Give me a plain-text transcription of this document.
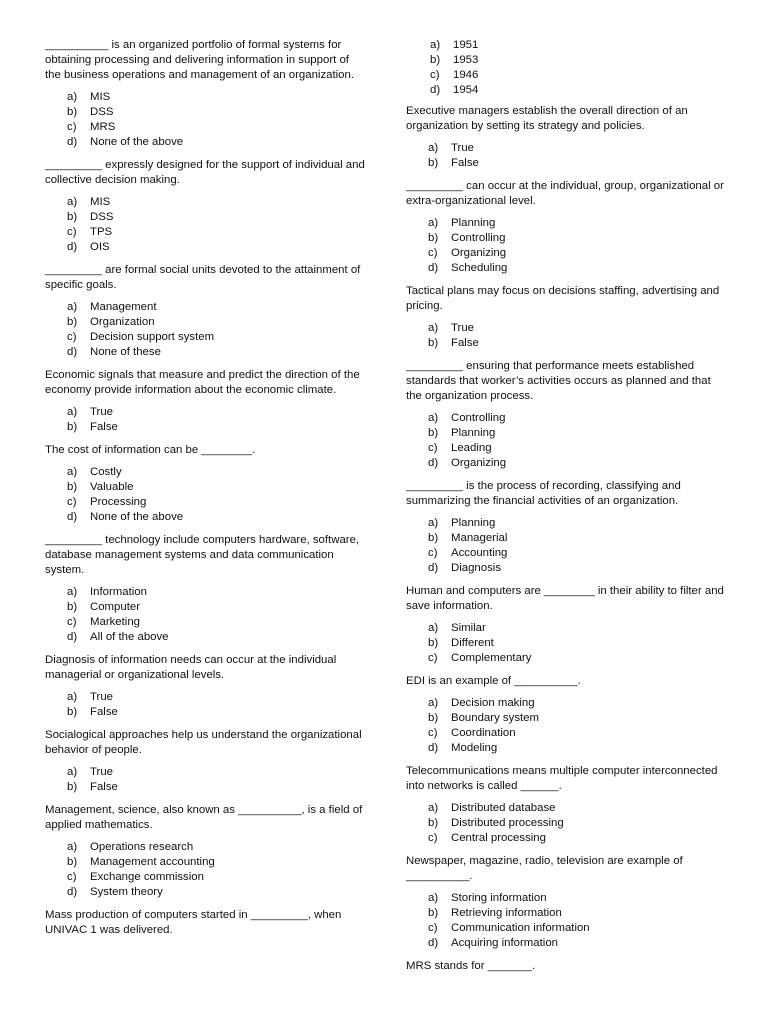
__________ is an organized portfolio of formal systems for obtaining processing and delivering information in support of the business operations and management of an organization.

a)	MIS
b)	DSS
c)	MRS
d)	None of the above

_________ expressly designed for the support of individual and collective decision making.

a)	MIS
b)	DSS
c)	TPS
d)	OIS

_________ are formal social units devoted to the attainment of specific goals.

a)	Management
b)	Organization
c)	Decision support system
d)	None of these

Economic signals that measure and predict the direction of the economy provide information about the economic climate.

a)	True
b)	False

The cost of information can be ________.

a)	Costly
b)	Valuable
c)	Processing
d)	None of the above

_________ technology include computers hardware, software, database management systems and data communication system.

a)	Information
b)	Computer
c)	Marketing
d)	All of the above

Diagnosis of information needs can occur at the individual managerial or organizational levels.

a)	True
b)	False

Socialogical approaches help us understand the organizational behavior of people.

a)	True
b)	False

Management, science, also known as __________, is a field of applied mathematics.

a)	Operations research
b)	Management accounting
c)	Exchange commission
d)	System theory

Mass production of computers started in _________, when UNIVAC 1 was delivered.

a)	1951
b)	1953
c)	1946
d)	1954

Executive managers establish the overall direction of an organization by setting its strategy and policies.

a)	True
b)	False

_________ can occur at the individual, group, organizational or extra-organizational level.

a)	Planning
b)	Controlling
c)	Organizing
d)	Scheduling

Tactical plans may focus on decisions staffing, advertising and pricing.

a)	True
b)	False

_________ ensuring that performance meets established standards that worker’s activities occurs as planned and that the organization process.

a)	Controlling
b)	Planning
c)	Leading
d)	Organizing

_________ is the process of recording, classifying and summarizing the financial activities of an organization.

a)	Planning
b)	Managerial
c)	Accounting
d)	Diagnosis

Human and computers are ________ in their ability to filter and save information.

a)	Similar
b)	Different
c)	Complementary

EDI is an example of __________.

a)	Decision making
b)	Boundary system
c)	Coordination
d)	Modeling

Telecommunications means multiple computer interconnected into networks is called ______.

a)	Distributed database
b)	Distributed processing
c)	Central processing

Newspaper, magazine, radio, television are example of __________.

a)	Storing information
b)	Retrieving information
c)	Communication information
d)	Acquiring information

MRS stands for _______.
